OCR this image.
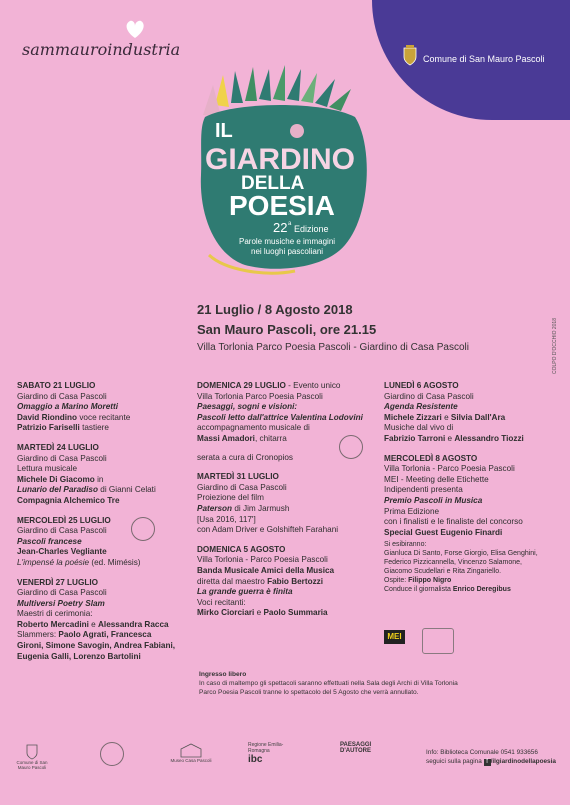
sammauroindustria	Comune di San Mauro Pascoli
IL
GIARDINO
DELLA
POESIA
22 a Edizione
Parole musiche e immagini
nei luoghi pascoliani
21 Luglio / 8 Agosto 2018
San Mauro Pascoli, ore 21.15
Villa Torlonia Parco Poesia Pascoli - Giardino di Casa Pascoli	COLPO D'OCCHIO 2018
SABATO 21 LUGLIO
Giardino di Casa Pascoli
Omaggio a Marino Moretti
David Riondino voce recitante
Patrizio Fariselli tastiere
MARTEDÌ 24 LUGLIO
Giardino di Casa Pascoli
Lettura musicale
Michele Di Giacomo in
Lunario del Paradiso di Gianni Celati
Compagnia Alchemico Tre
MERCOLEDÌ 25 LUGLIO
Giardino di Casa Pascoli
Pascoli francese
Jean-Charles Vegliante
L'impensé la poésie (ed. Mimésis)
VENERDÌ 27 LUGLIO
Giardino di Casa Pascoli
Multiversi Poetry Slam
Maestri di cerimonia:
Roberto Mercadini e Alessandra Racca
Slammers: Paolo Agrati, Francesca
Gironi, Simone Savogin, Andrea Fabiani,
Eugenia Galli, Lorenzo Bartolini
DOMENICA 29 LUGLIO - Evento unico
Villa Torlonia Parco Poesia Pascoli
Paesaggi, sogni e visioni:
Pascoli letto dall'attrice Valentina Lodovini
accompagnamento musicale di
Massi Amadori, chitarra
serata a cura di Cronopios
MARTEDÌ 31 LUGLIO
Giardino di Casa Pascoli
Proiezione del film
Paterson di Jim Jarmush
[Usa 2016, 117']
con Adam Driver e Golshifteh Farahani
DOMENICA 5 AGOSTO
Villa Torlonia - Parco Poesia Pascoli
Banda Musicale Amici della Musica
diretta dal maestro Fabio Bertozzi
La grande guerra è finita
Voci recitanti:
Mirko Ciorciari e Paolo Summaria
LUNEDÌ 6 AGOSTO
Giardino di Casa Pascoli
Agenda Resistente
Michele Zizzari e Silvia Dall'Ara
Musiche dal vivo di
Fabrizio Tarroni e Alessandro Tiozzi
MERCOLEDÌ 8 AGOSTO
Villa Torlonia - Parco Poesia Pascoli
MEI - Meeting delle Etichette
Indipendenti presenta
Premio Pascoli in Musica
Prima Edizione
con i finalisti e le finaliste del concorso
Special Guest Eugenio Finardi
Si esibiranno:
Gianluca Di Santo, Forse Giorgio, Elisa Genghini,
Federico Pizzicannella, Vincenzo Salamone,
Giacomo Scudellari e Rita Zingariello.
Ospite: Filippo Nigro
Conduce il giornalista Enrico Deregibus
MEI
Ingresso libero
In caso di maltempo gli spettacoli saranno effettuati nella Sala degli Archi di Villa Torlonia
Parco Poesia Pascoli tranne lo spettacolo del 5 Agosto che verrà annullato.
Comune di San Mauro Pascoli
Museo Casa Pascoli
Regione Emilia-Romagna
ibc
PAESAGGI D'AUTORE	Info: Biblioteca Comunale 0541 933656
seguici sulla pagina f /ilgiardinodellapoesia
